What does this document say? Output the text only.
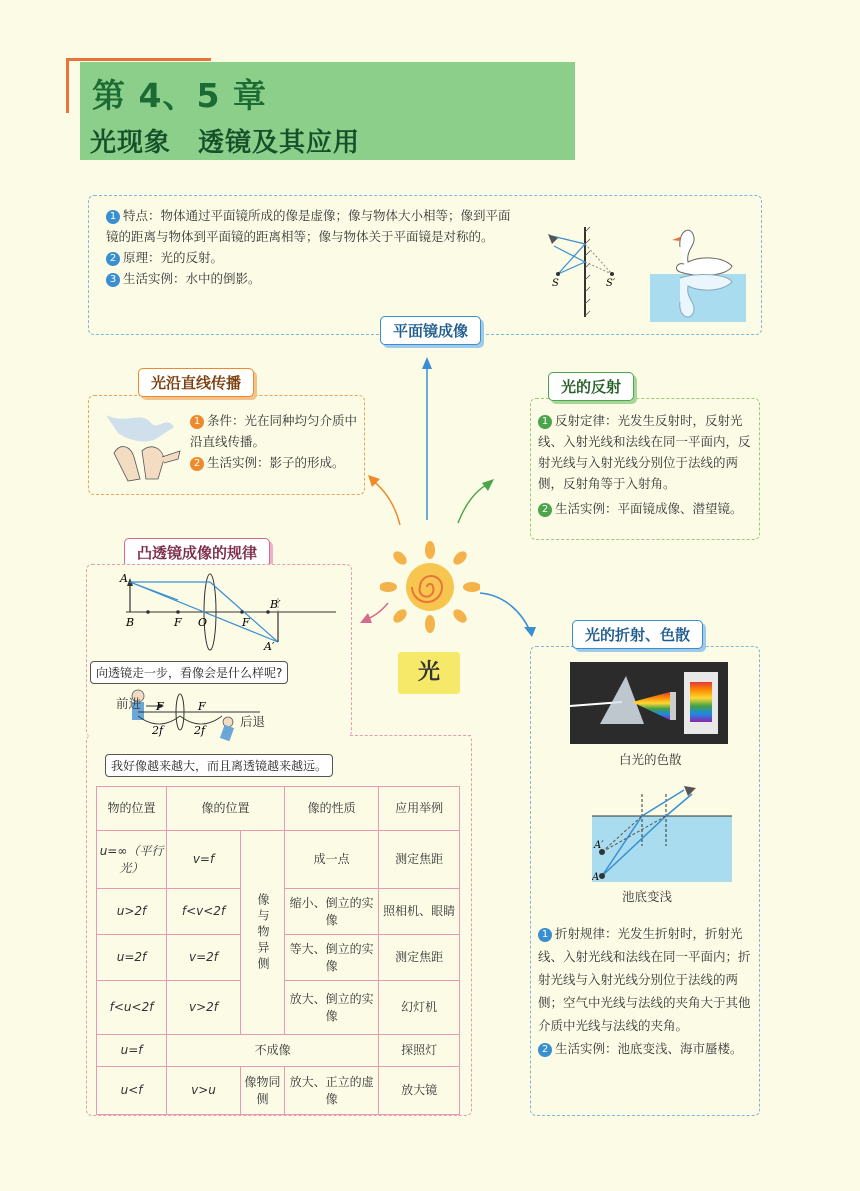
第 4、5 章
光现象　透镜及其应用
1 特点：物体通过平面镜所成的像是虚像；像与物体大小相等；像到平面镜的距离与物体到平面镜的距离相等；像与物体关于平面镜是对称的。
2 原理：光的反射。
3 生活实例：水中的倒影。	S	S′
平面镜成像
光沿直线传播
1 条件：光在同种均匀介质中沿直线传播。
2 生活实例：影子的形成。
光的反射
1 反射定律：光发生反射时，反射光线、入射光线和法线在同一平面内，反射光线与入射光线分别位于法线的两侧，反射角等于入射角。
2 生活实例：平面镜成像、潜望镜。
光
凸透镜成像的规律
A
B	F O	F
B′
A′
向透镜走一步，看像会是什么样呢?
F	F
2f	2f
前进
后退
我好像越来越大，而且离透镜越来越远。
物的位置	像的位置		像的性质	应用举例
u=∞（平行光）	v=f	像与物异侧	成一点	测定焦距
u>2f	f<v<2f		缩小、倒立的实像	照相机、眼睛
u=2f	v=2f		等大、倒立的实像	测定焦距
f<u<2f	v>2f		放大、倒立的实像	幻灯机
u=f	不成像			探照灯
u<f	v>u	像物同侧	放大、正立的虚像	放大镜
光的折射、色散
白光的色散
A′
A
池底变浅
1 折射规律：光发生折射时，折射光线、入射光线和法线在同一平面内；折射光线与入射光线分别位于法线的两侧；空气中光线与法线的夹角大于其他介质中光线与法线的夹角。
2 生活实例：池底变浅、海市蜃楼。
